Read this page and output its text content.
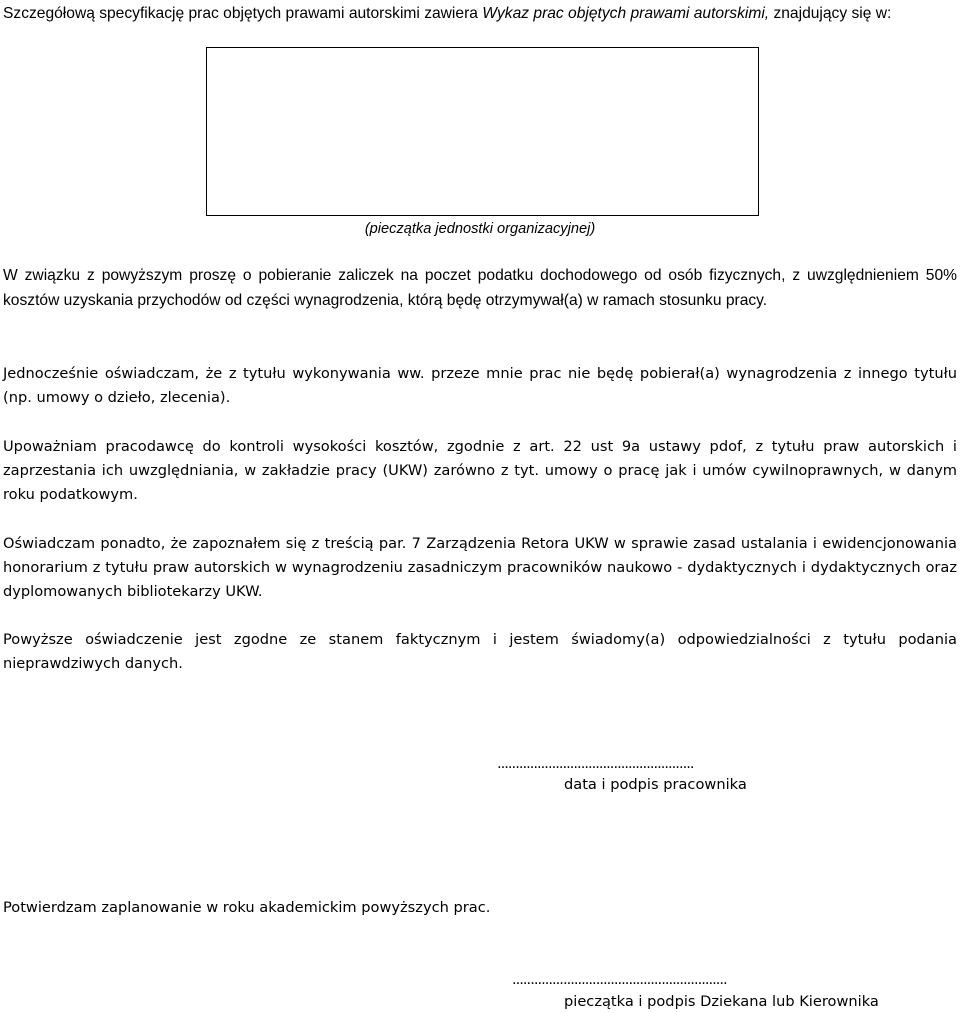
Szczegółową specyfikację prac objętych prawami autorskimi zawiera Wykaz prac objętych prawami autorskimi, znajdujący się w:

(pieczątka jednostki organizacyjnej)

W związku z powyższym proszę o pobieranie zaliczek na poczet podatku dochodowego od osób fizycznych, z uwzględnieniem 50% kosztów uzyskania przychodów od części wynagrodzenia, którą będę otrzymywał(a) w ramach stosunku pracy.

Jednocześnie oświadczam, że z tytułu wykonywania ww. przeze mnie prac nie będę pobierał(a) wynagrodzenia z innego tytułu (np. umowy o dzieło, zlecenia).

Upoważniam pracodawcę do kontroli wysokości kosztów, zgodnie z art. 22 ust 9a ustawy pdof, z tytułu praw autorskich i zaprzestania ich uwzględniania, w zakładzie pracy (UKW) zarówno z tyt. umowy o pracę jak i umów cywilnoprawnych, w danym roku podatkowym.

Oświadczam ponadto, że zapoznałem się z treścią par. 7 Zarządzenia Retora UKW w sprawie zasad ustalania i ewidencjonowania honorarium z tytułu praw autorskich w wynagrodzeniu zasadniczym pracowników naukowo - dydaktycznych i dydaktycznych oraz dyplomowanych bibliotekarzy UKW.

Powyższe oświadczenie jest zgodne ze stanem faktycznym i jestem świadomy(a) odpowiedzialności z tytułu podania nieprawdziwych danych.

......................................................
data i podpis pracownika

Potwierdzam zaplanowanie w roku akademickim powyższych prac.

...........................................................
pieczątka i podpis Dziekana lub Kierownika
